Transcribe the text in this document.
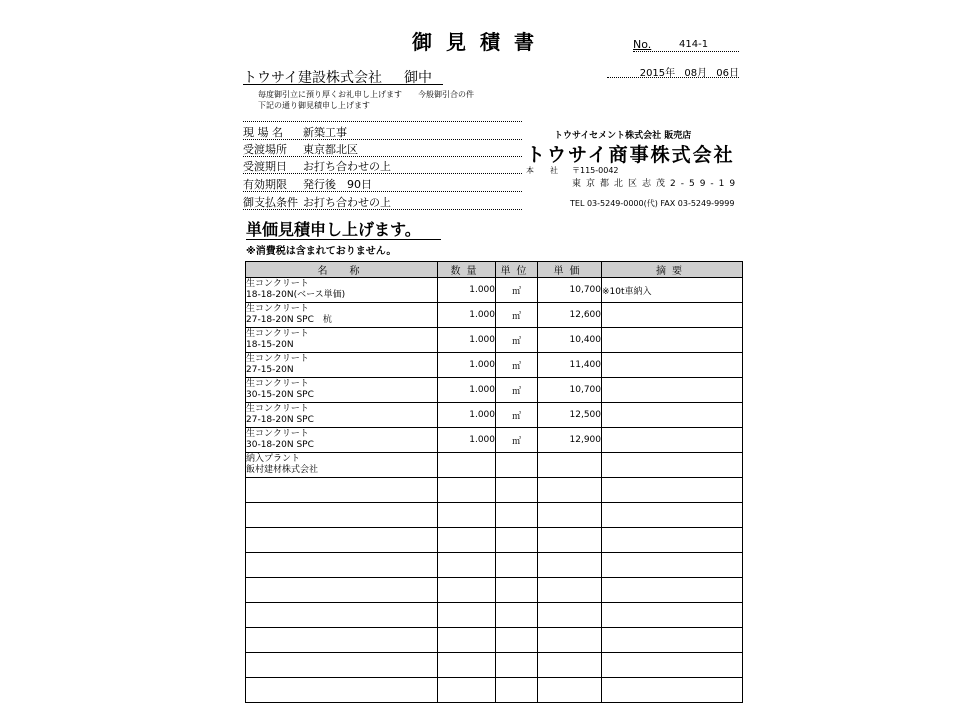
御見積書	No.	414-1
2015年 08月 06日
トウサイ建設株式会社 御中
毎度御引立に預り厚くお礼申し上げます　　今般御引合の件
下記の通り御見積申し上げます
現 場 名 新築工事
受渡場所 東京都北区
受渡期日 お打ち合わせの上
有効期限 発行後　90日
御支払条件 お打ち合わせの上
トウサイセメント株式会社 販売店
トウサイ商事株式会社
本　　社 〒115-0042
東京都北区志茂2-59-19
TEL 03-5249-0000(代) FAX 03-5249-9999
単価見積申し上げます。
※消費税は含まれておりません。
名　称	数量	単位	単価	摘要

生コンクリート
18-18-20N(ベース単価)	1.000	㎥	10,700	※10t車納入

生コンクリート
27-18-20N SPC　杭	1.000	㎥	12,600	

生コンクリート
18-15-20N	1.000	㎥	10,400	

生コンクリート
27-15-20N	1.000	㎥	11,400	

生コンクリート
30-15-20N SPC	1.000	㎥	10,700	

生コンクリート
27-18-20N SPC	1.000	㎥	12,500	

生コンクリート
30-18-20N SPC	1.000	㎥	12,900	

納入プラント
飯村建材株式会社				
